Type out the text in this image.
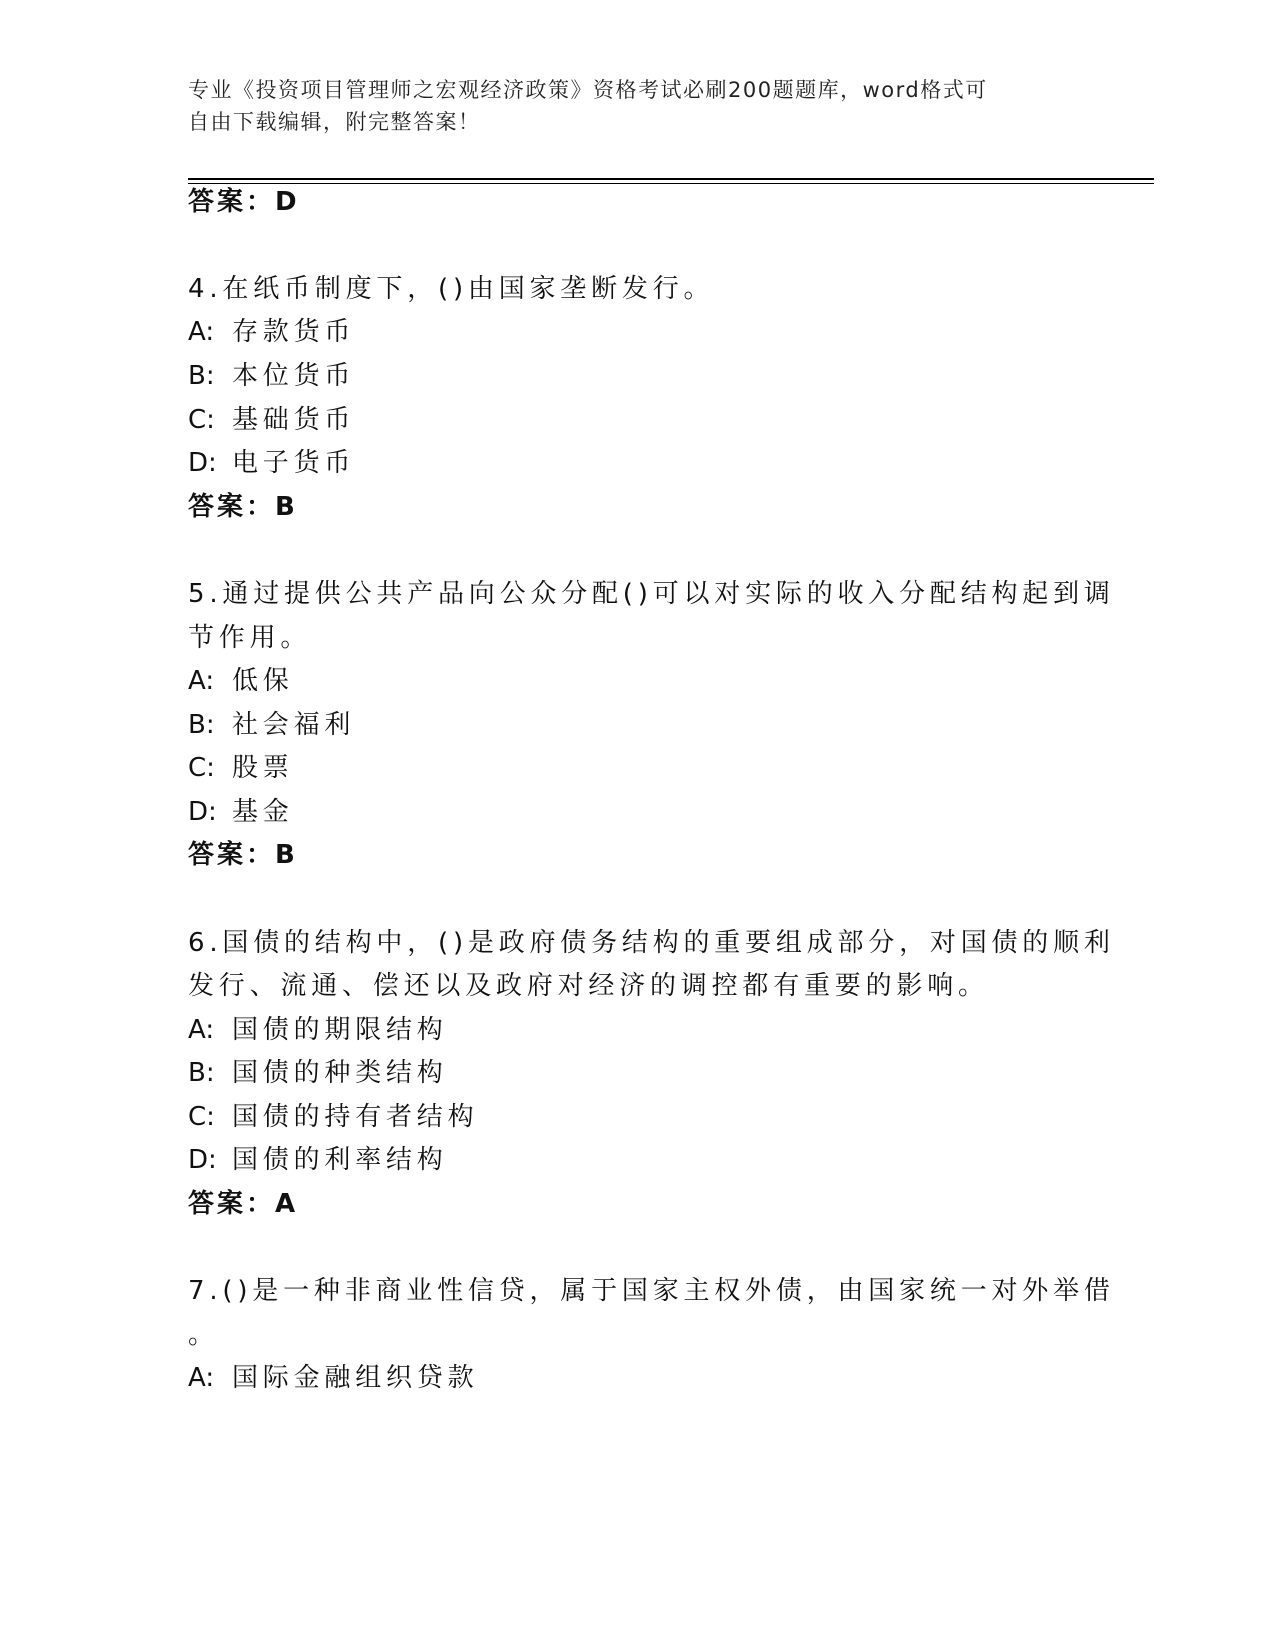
专业《投资项目管理师之宏观经济政策》资格考试必刷200题题库，word格式可
自由下载编辑，附完整答案！
答案：D
4.在纸币制度下，()由国家垄断发行。
A: 存款货币
B: 本位货币
C: 基础货币
D: 电子货币
答案：B
5.通过提供公共产品向公众分配()可以对实际的收入分配结构起到调
节作用。
A: 低保
B: 社会福利
C: 股票
D: 基金
答案：B
6.国债的结构中，()是政府债务结构的重要组成部分，对国债的顺利
发行、流通、偿还以及政府对经济的调控都有重要的影响。
A: 国债的期限结构
B: 国债的种类结构
C: 国债的持有者结构
D: 国债的利率结构
答案：A
7.()是一种非商业性信贷，属于国家主权外债，由国家统一对外举借
。
A: 国际金融组织贷款
